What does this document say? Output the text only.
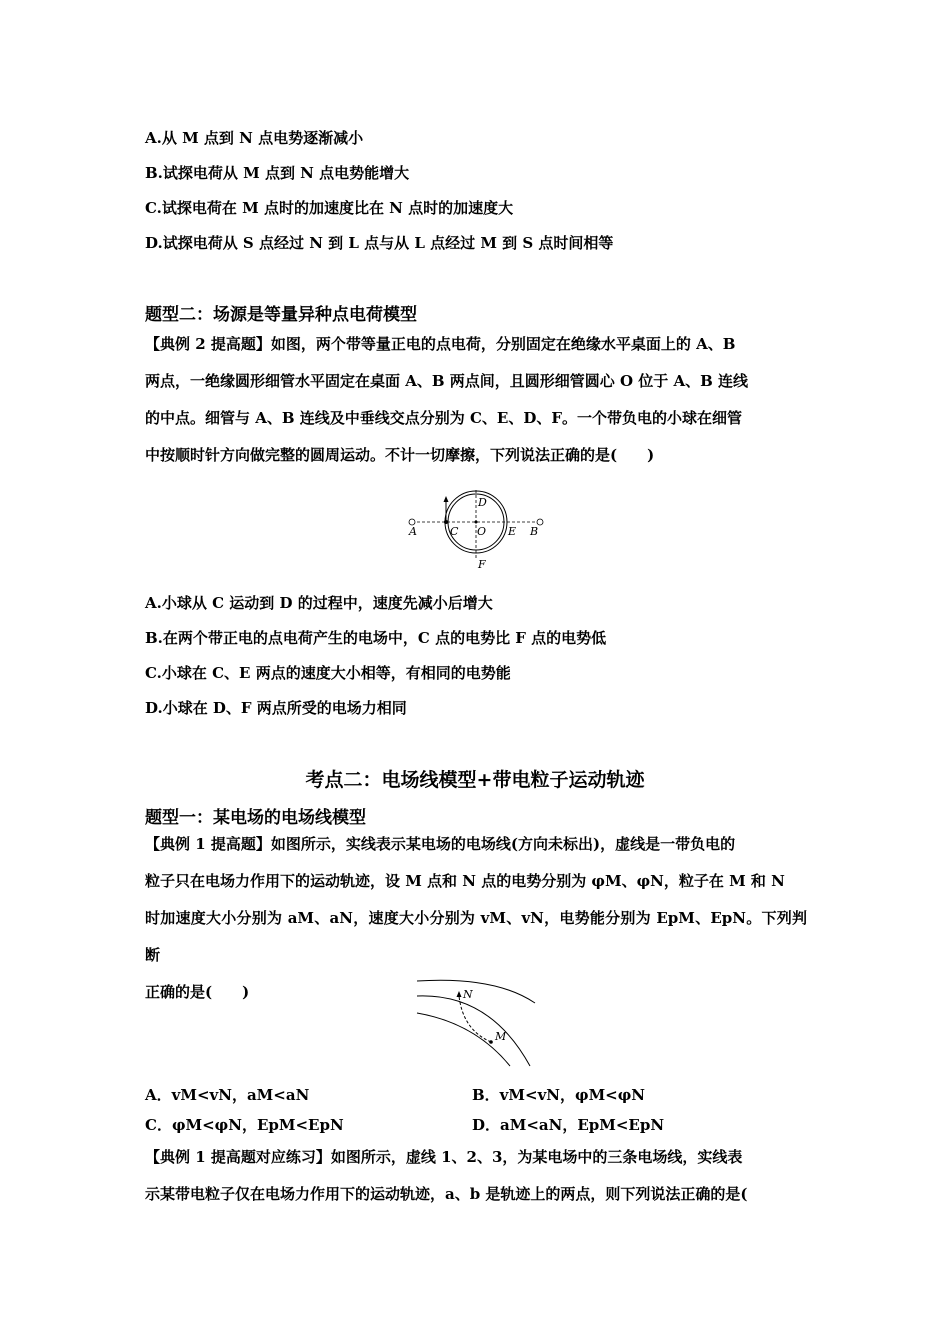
A.从 M 点到 N 点电势逐渐减小
B.试探电荷从 M 点到 N 点电势能增大
C.试探电荷在 M 点时的加速度比在 N 点时的加速度大
D.试探电荷从 S 点经过 N 到 L 点与从 L 点经过 M 到 S 点时间相等
题型二：场源是等量异种点电荷模型
【典例 2 提高题】如图，两个带等量正电的点电荷，分别固定在绝缘水平桌面上的 A、B
两点，一绝缘圆形细管水平固定在桌面 A、B 两点间，且圆形细管圆心 O 位于 A、B 连线
的中点。细管与 A、B 连线及中垂线交点分别为 C、E、D、F。一个带负电的小球在细管
中按顺时针方向做完整的圆周运动。不计一切摩擦，下列说法正确的是(　　)
A	B
C O E
D
F
A.小球从 C 运动到 D 的过程中，速度先减小后增大
B.在两个带正电的点电荷产生的电场中，C 点的电势比 F 点的电势低
C.小球在 C、E 两点的速度大小相等，有相同的电势能
D.小球在 D、F 两点所受的电场力相同
考点二：电场线模型+带电粒子运动轨迹
题型一：某电场的电场线模型
【典例 1 提高题】如图所示，实线表示某电场的电场线(方向未标出)，虚线是一带负电的
粒子只在电场力作用下的运动轨迹，设 M 点和 N 点的电势分别为 φM、φN，粒子在 M 和 N
时加速度大小分别为 aM、aN，速度大小分别为 vM、vN，电势能分别为 EpM、EpN。下列判断
正确的是(　　)	N
M
A．vM<vN，aM<aN	B．vM<vN，φM<φN
C．φM<φN，EpM<EpN	D．aM<aN，EpM<EpN
【典例 1 提高题对应练习】如图所示，虚线 1、2、3，为某电场中的三条电场线，实线表
示某带电粒子仅在电场力作用下的运动轨迹，a、b 是轨迹上的两点，则下列说法正确的是(
